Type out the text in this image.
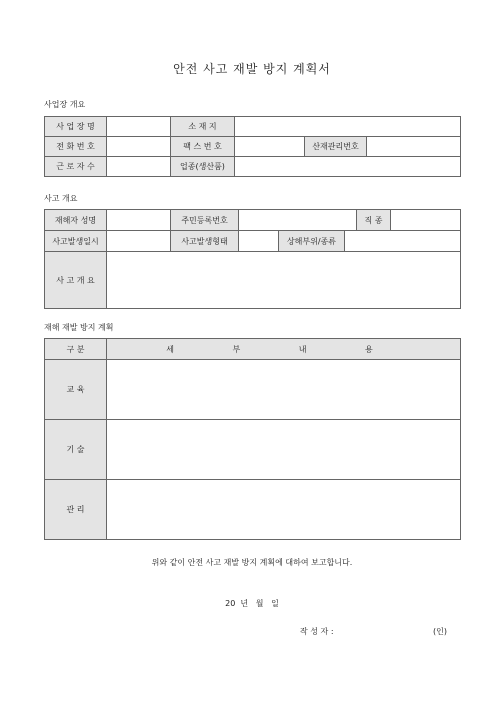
안전 사고 재발 방지 계획서
사업장 개요
사 업 장 명		소 재 지			
전 화 번 호		팩 스 번 호		산재관리번호	
근 로 자 수		업종(생산품)			
사고 개요
재해자 성명		주민등록번호				직 종	
사고발생일시		사고발생형태		상해부위/종류			
사 고 개 요							
재해 재발 방지 계획
구 분	세 부 내 용
교 육	
기 술	
관 리	
위와 같이 안전 사고 재발 방지 계획에 대하여 보고합니다.
20  년   월   일
작 성 자 :	(인)
